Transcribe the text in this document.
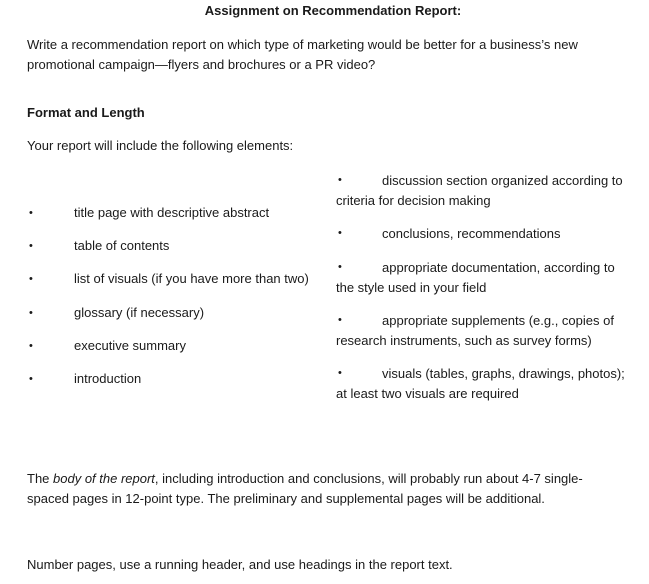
Assignment on Recommendation Report:
Write a recommendation report on which type of marketing would be better for a business’s new
promotional campaign—flyers and brochures or a PR video?
Format and Length
Your report will include the following elements:
•	title page with descriptive abstract
•	table of contents
•	list of visuals (if you have more than two)
•	glossary (if necessary)
•	executive summary
•	introduction
•	discussion section organized according to criteria for decision making
•	conclusions, recommendations
•	appropriate documentation, according to the style used in your field
•	appropriate supplements (e.g., copies of research instruments, such as survey forms)
•	visuals (tables, graphs, drawings, photos); at least two visuals are required
The body of the report, including introduction and conclusions, will probably run about 4-7 single-spaced pages in 12-point type. The preliminary and supplemental pages will be additional.
Number pages, use a running header, and use headings in the report text.
